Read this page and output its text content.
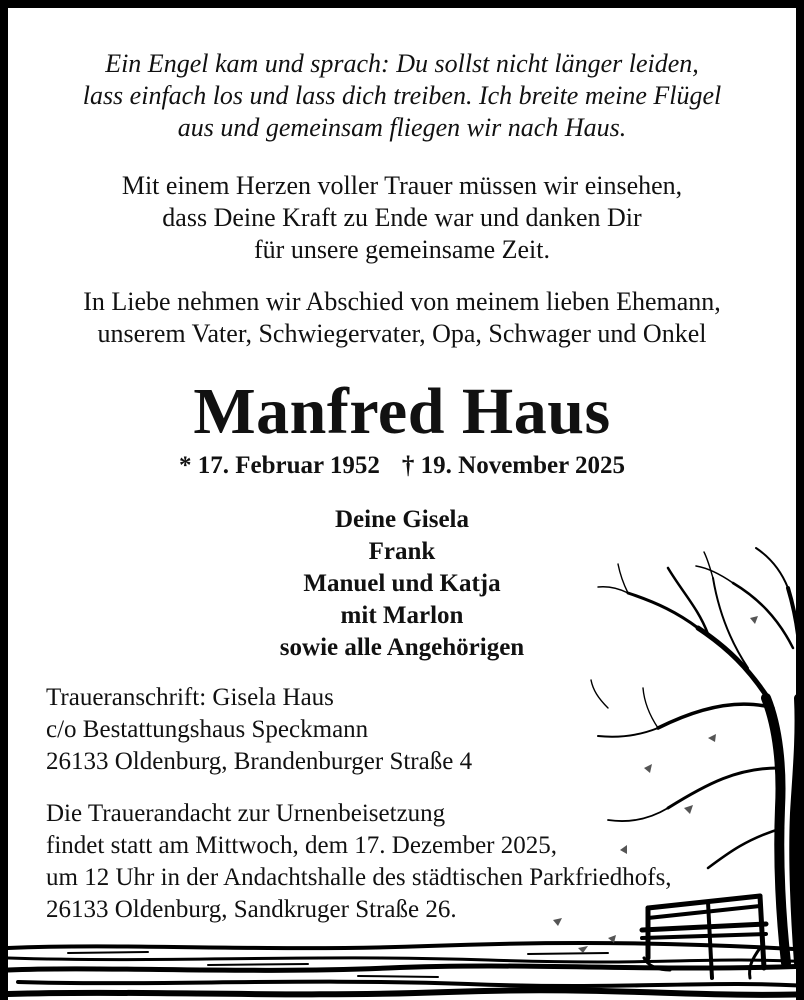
Ein Engel kam und sprach: Du sollst nicht länger leiden,
lass einfach los und lass dich treiben. Ich breite meine Flügel
aus und gemeinsam fliegen wir nach Haus.
Mit einem Herzen voller Trauer müssen wir einsehen,
dass Deine Kraft zu Ende war und danken Dir
für unsere gemeinsame Zeit.
In Liebe nehmen wir Abschied von meinem lieben Ehemann,
unserem Vater, Schwiegervater, Opa, Schwager und Onkel
Manfred Haus
* 17. Februar 1952 † 19. November 2025
Deine Gisela
Frank
Manuel und Katja
mit Marlon
sowie alle Angehörigen
Traueranschrift: Gisela Haus
c/o Bestattungshaus Speckmann
26133 Oldenburg, Brandenburger Straße 4
Die Trauerandacht zur Urnenbeisetzung
findet statt am Mittwoch, dem 17. Dezember 2025,
um 12 Uhr in der Andachtshalle des städtischen Parkfriedhofs,
26133 Oldenburg, Sandkruger Straße 26.
